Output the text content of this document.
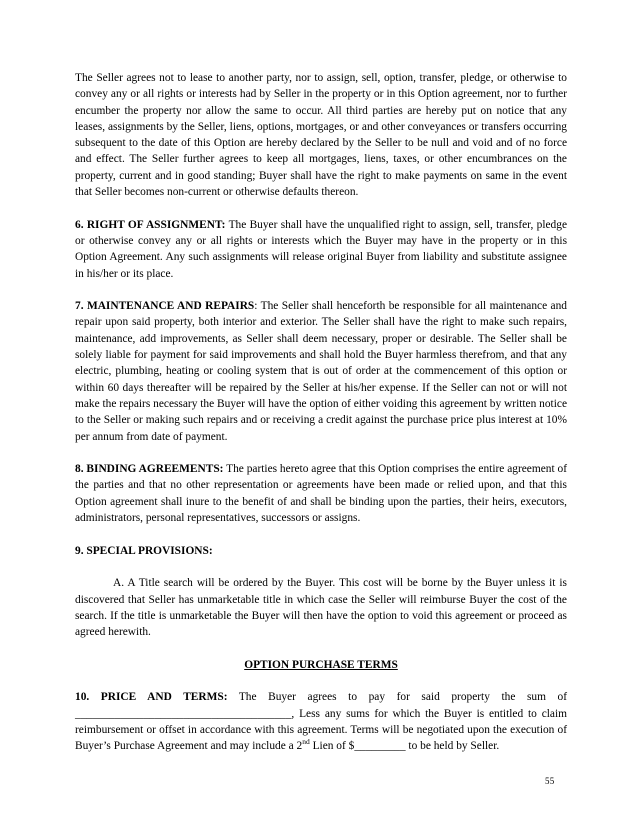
The Seller agrees not to lease to another party, nor to assign, sell, option, transfer, pledge, or otherwise to convey any or all rights or interests had by Seller in the property or in this Option agreement, nor to further encumber the property nor allow the same to occur. All third parties are hereby put on notice that any leases, assignments by the Seller, liens, options, mortgages, or and other conveyances or transfers occurring subsequent to the date of this Option are hereby declared by the Seller to be null and void and of no force and effect. The Seller further agrees to keep all mortgages, liens, taxes, or other encumbrances on the property, current and in good standing; Buyer shall have the right to make payments on same in the event that Seller becomes non-current or otherwise defaults thereon.

6. RIGHT OF ASSIGNMENT: The Buyer shall have the unqualified right to assign, sell, transfer, pledge or otherwise convey any or all rights or interests which the Buyer may have in the property or in this Option Agreement. Any such assignments will release original Buyer from liability and substitute assignee in his/her or its place.

7. MAINTENANCE AND REPAIRS: The Seller shall henceforth be responsible for all maintenance and repair upon said property, both interior and exterior. The Seller shall have the right to make such repairs, maintenance, add improvements, as Seller shall deem necessary, proper or desirable. The Seller shall be solely liable for payment for said improvements and shall hold the Buyer harmless therefrom, and that any electric, plumbing, heating or cooling system that is out of order at the commencement of this option or within 60 days thereafter will be repaired by the Seller at his/her expense. If the Seller can not or will not make the repairs necessary the Buyer will have the option of either voiding this agreement by written notice to the Seller or making such repairs and or receiving a credit against the purchase price plus interest at 10% per annum from date of payment.

8. BINDING AGREEMENTS: The parties hereto agree that this Option comprises the entire agreement of the parties and that no other representation or agreements have been made or relied upon, and that this Option agreement shall inure to the benefit of and shall be binding upon the parties, their heirs, executors, administrators, personal representatives, successors or assigns.

9. SPECIAL PROVISIONS:

A. A Title search will be ordered by the Buyer. This cost will be borne by the Buyer unless it is discovered that Seller has unmarketable title in which case the Seller will reimburse Buyer the cost of the search. If the title is unmarketable the Buyer will then have the option to void this agreement or proceed as agreed herewith.

OPTION PURCHASE TERMS

10. PRICE AND TERMS: The Buyer agrees to pay for said property the sum of ______________________________________, Less any sums for which the Buyer is entitled to claim reimbursement or offset in accordance with this agreement. Terms will be negotiated upon the execution of Buyer’s Purchase Agreement and may include a 2nd Lien of $_________ to be held by Seller.

55
